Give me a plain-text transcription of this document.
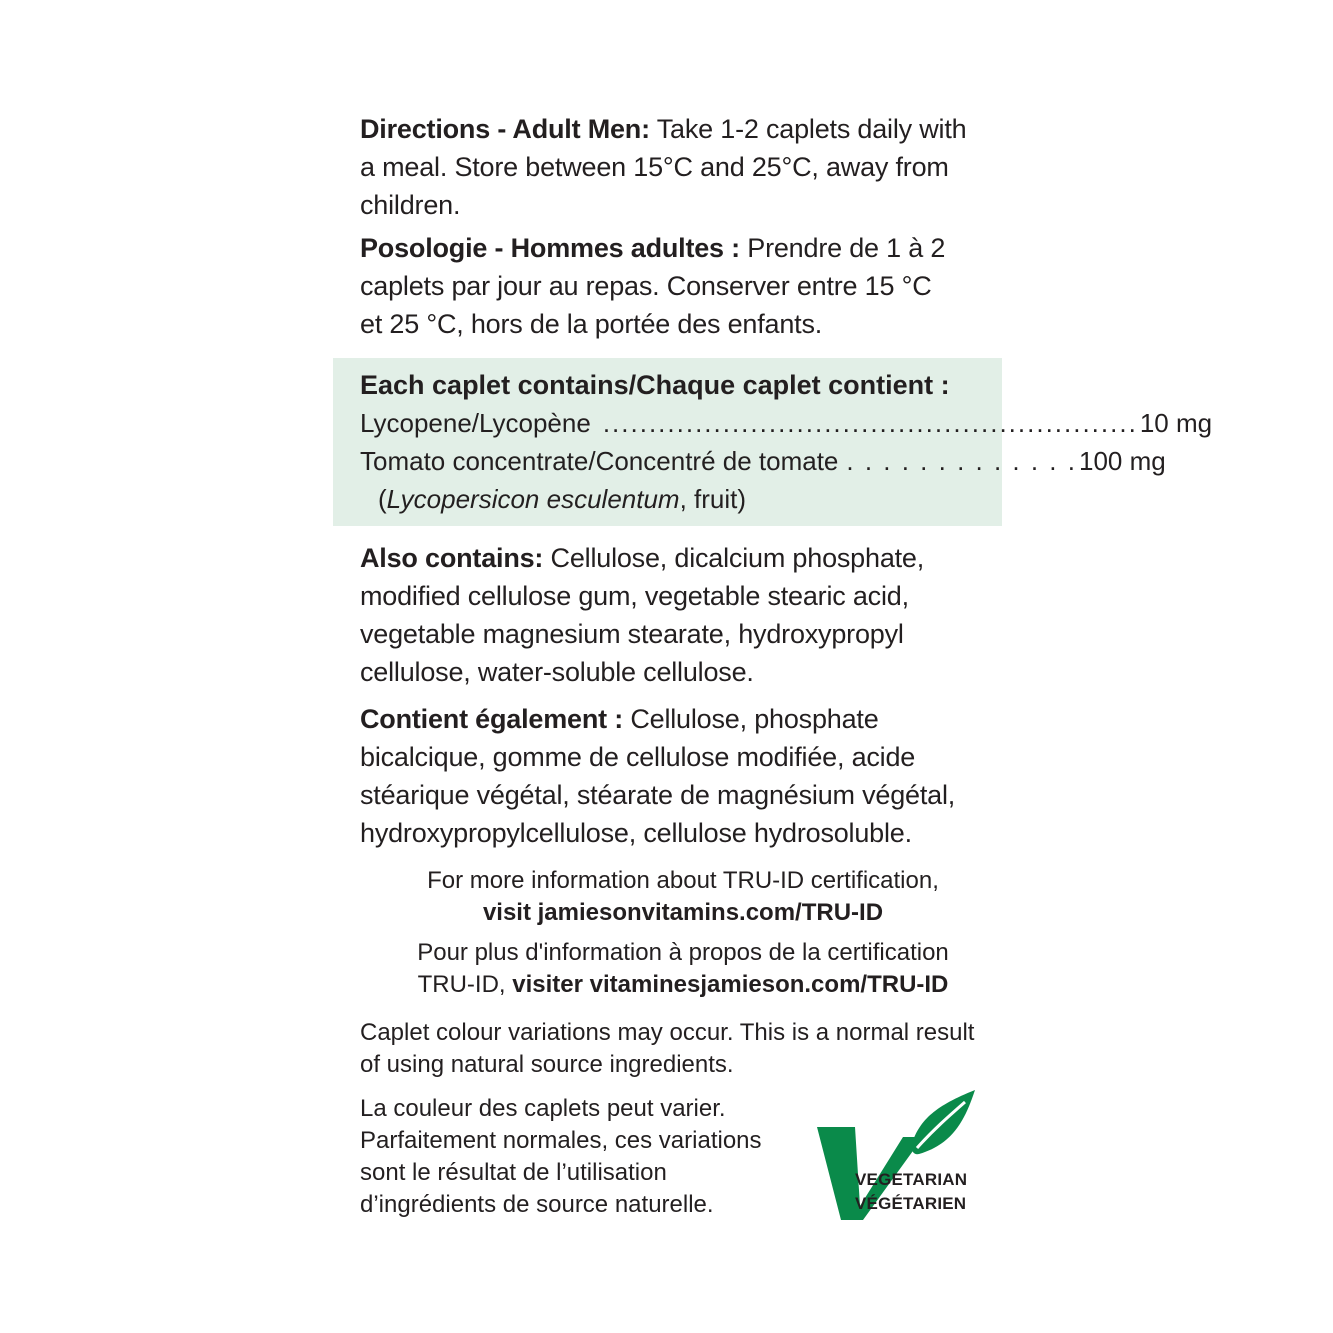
Directions - Adult Men: Take 1-2 caplets daily with a meal. Store between 15°C and 25°C, away from children.

Posologie - Hommes adultes : Prendre de 1 à 2 caplets par jour au repas. Conserver entre 15 °C et 25 °C, hors de la portée des enfants.

Each caplet contains/Chaque caplet contient :

Lycopene/Lycopène .......................................................... 10 mg
Tomato concentrate/Concentré de tomate . . . . . . . . . . . . . 100 mg

(Lycopersicon esculentum, fruit)

Also contains: Cellulose, dicalcium phosphate, modified cellulose gum, vegetable stearic acid, vegetable magnesium stearate, hydroxypropyl cellulose, water-soluble cellulose.

Contient également : Cellulose, phosphate bicalcique, gomme de cellulose modifiée, acide stéarique végétal, stéarate de magnésium végétal, hydroxypropylcellulose, cellulose hydrosoluble.

For more information about TRU-ID certification,
visit jamiesonvitamins.com/TRU-ID
Pour plus d'information à propos de la certification
TRU-ID, visiter vitaminesjamieson.com/TRU-ID

Caplet colour variations may occur. This is a normal result of using natural source ingredients.

La couleur des caplets peut varier. Parfaitement normales, ces variations sont le résultat de l’utilisation d’ingrédients de source naturelle.

VEGETARIAN
VÉGÉTARIEN
